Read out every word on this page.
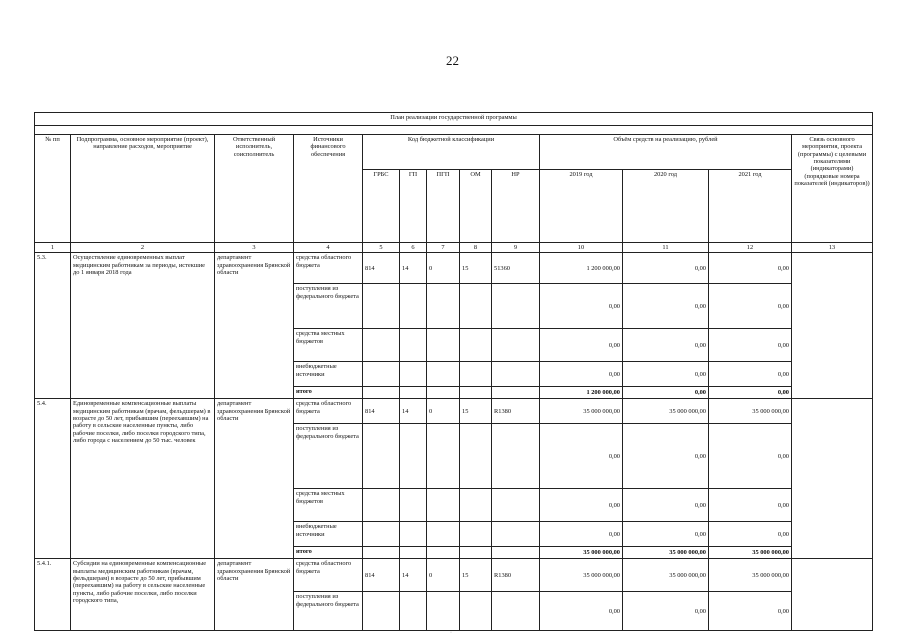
22
План реализации государственной программы												

№ пп	Подпрограмма, основное мероприятие (проект), направление расходов, мероприятие	Ответственный исполнитель, соисполнитель	Источники финансового обеспечения	Код бюджетной классификации					Объём средств на реализацию, рублей			Связь основного мероприятия, проекта (программы) с целевыми показателями (индикаторами) (порядковые номера показателей (индикаторов))
				ГРБС	ГП	ПГП	ОМ	НР	2019 год	2020 год	2021 год	
1	2	3	4	5	6	7	8	9	10	11	12	13
5.3.	Осуществление единовременных выплат медицинским работникам за периоды, истекшие до 1 января 2018 года	департамент здравоохранения Брянской области	средства областного бюджета	814	14	0	15	51360	1 200 000,00	0,00	0,00	
			поступления из федерального бюджета						0,00	0,00	0,00	
			средства местных бюджетов						0,00	0,00	0,00	
			внебюджетные источники						0,00	0,00	0,00	
			итого						1 200 000,00	0,00	0,00	
5.4.	Единовременные компенсационные выплаты медицинским работникам (врачам, фельдшерам) в возрасте до 50 лет, прибывшим (переехавшим) на работу в сельские населенные пункты, либо рабочие поселки, либо поселки городского типа, либо города с населением до 50 тыс. человек	департамент здравоохранения Брянской области	средства областного бюджета	814	14	0	15	R1380	35 000 000,00	35 000 000,00	35 000 000,00	
			поступления из федерального бюджета						0,00	0,00	0,00	
			средства местных бюджетов						0,00	0,00	0,00	
			внебюджетные источники						0,00	0,00	0,00	
			итого						35 000 000,00	35 000 000,00	35 000 000,00	
5.4.1.	Субсидии на единовременные компенсационные выплаты медицинским работникам (врачам, фельдшерам) в возрасте до 50 лет, прибывшим (переехавшим) на работу в сельские населенные пункты, либо рабочие поселки, либо поселки городского типа,	департамент здравоохранения Брянской области	средства областного бюджета	814	14	0	15	R1380	35 000 000,00	35 000 000,00	35 000 000,00	
			поступления из федерального бюджета						0,00	0,00	0,00	
·
